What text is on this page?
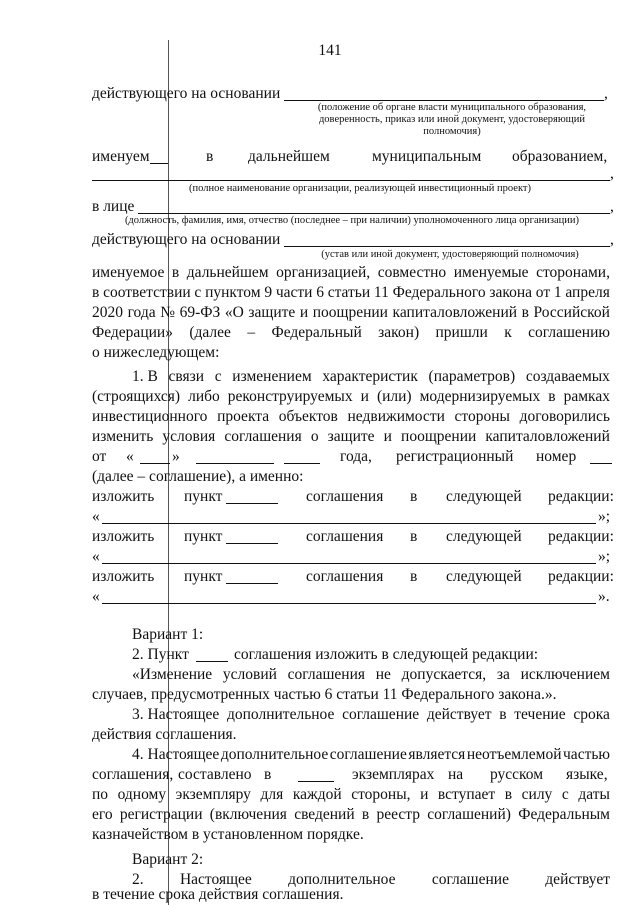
141
действующего на основании	,
(положение об органе власти муниципального образования,
доверенность, приказ или иной документ, удостоверяющий
полномочия)
именуем	в дальнейшем	муниципальным образованием,
,
(полное наименование организации, реализующей инвестиционный проект)
в лице	,
(должность, фамилия, имя, отчество (последнее – при наличии) уполномоченного лица организации)
действующего на основании	,
(устав или иной документ, удостоверяющий полномочия)
именуемое в дальнейшем организацией, совместно именуемые сторонами,
в соответствии с пунктом 9 части 6 статьи 11 Федерального закона от 1 апреля
2020 года № 69-ФЗ «О защите и поощрении капиталовложений в Российской
Федерации» (далее – Федеральный закон) пришли к соглашению
о нижеследующем:
1. В связи с изменением характеристик (параметров) создаваемых
(строящихся) либо реконструируемых и (или) модернизируемых в рамках
инвестиционного проекта объектов недвижимости стороны договорились
изменить условия соглашения о защите и поощрении капиталовложений
от « »	года, регистрационный номер
(далее – соглашение), а именно:
изложить пункт	соглашения в следующей редакции:
«	»;
изложить пункт	соглашения в следующей редакции:
«	»;
изложить пункт	соглашения в следующей редакции:
«	».
Вариант 1:
2. Пункт	соглашения изложить в следующей редакции:
«Изменение условий соглашения не допускается, за исключением
случаев, предусмотренных частью 6 статьи 11 Федерального закона.».
3. Настоящее дополнительное соглашение действует в течение срока
действия соглашения.
4. Настоящее дополнительное соглашение является неотъемлемой частью
соглашения, составлено в	экземплярах на русском языке,
по одному экземпляру для каждой стороны, и вступает в силу с даты
его регистрации (включения сведений в реестр соглашений) Федеральным
казначейством в установленном порядке.
Вариант 2:
2. Настоящее дополнительное соглашение действует
в течение срока действия соглашения.
